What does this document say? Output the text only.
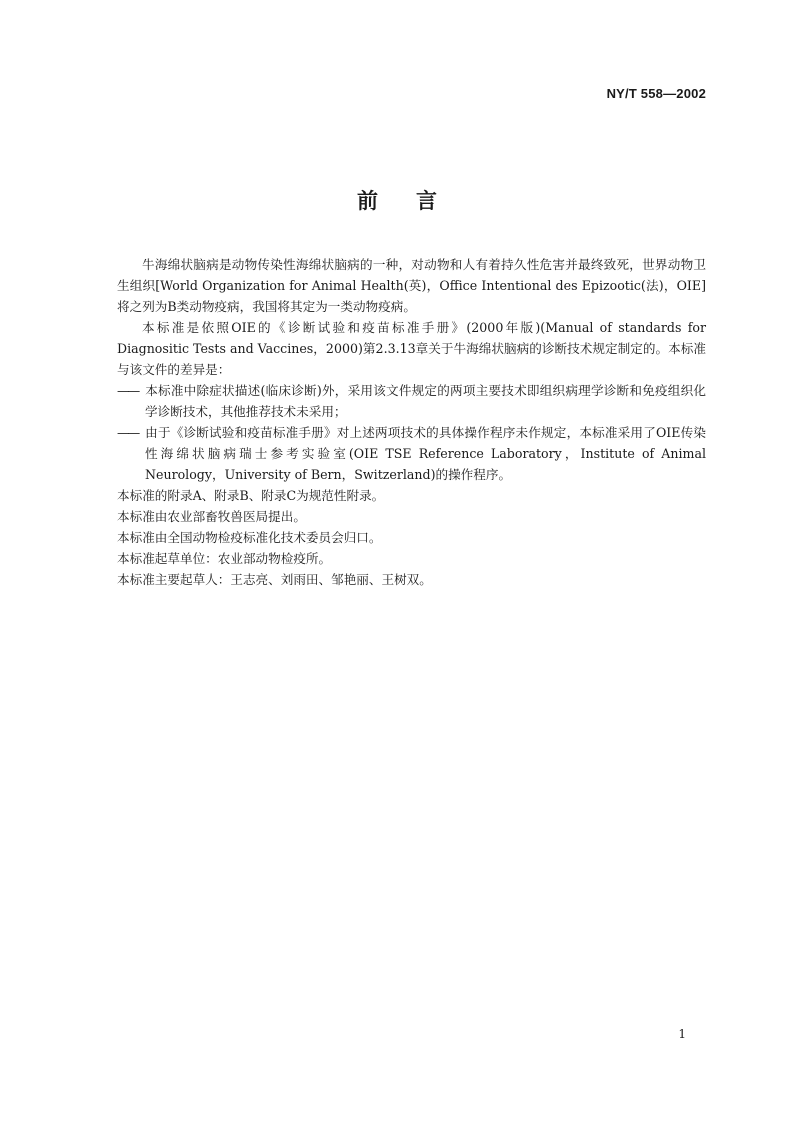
NY/T 558—2002
前言

牛海绵状脑病是动物传染性海绵状脑病的一种，对动物和人有着持久性危害并最终致死，世界动物卫生组织[World Organization for Animal Health(英)，Office Intentional des Epizootic(法)，OIE]将之列为B类动物疫病，我国将其定为一类动物疫病。

本标准是依照OIE的《诊断试验和疫苗标准手册》(2000年版)(Manual of standards for Diagnositic Tests and Vaccines，2000)第2.3.13章关于牛海绵状脑病的诊断技术规定制定的。本标准与该文件的差异是：

—— 本标准中除症状描述(临床诊断)外，采用该文件规定的两项主要技术即组织病理学诊断和免疫组织化学诊断技术，其他推荐技术未采用；

—— 由于《诊断试验和疫苗标准手册》对上述两项技术的具体操作程序未作规定，本标准采用了OIE传染性海绵状脑病瑞士参考实验室(OIE TSE Reference Laboratory，Institute of Animal Neurology，University of Bern，Switzerland)的操作程序。

本标准的附录A、附录B、附录C为规范性附录。

本标准由农业部畜牧兽医局提出。

本标准由全国动物检疫标准化技术委员会归口。

本标准起草单位：农业部动物检疫所。

本标准主要起草人：王志亮、刘雨田、邹艳丽、王树双。

1
